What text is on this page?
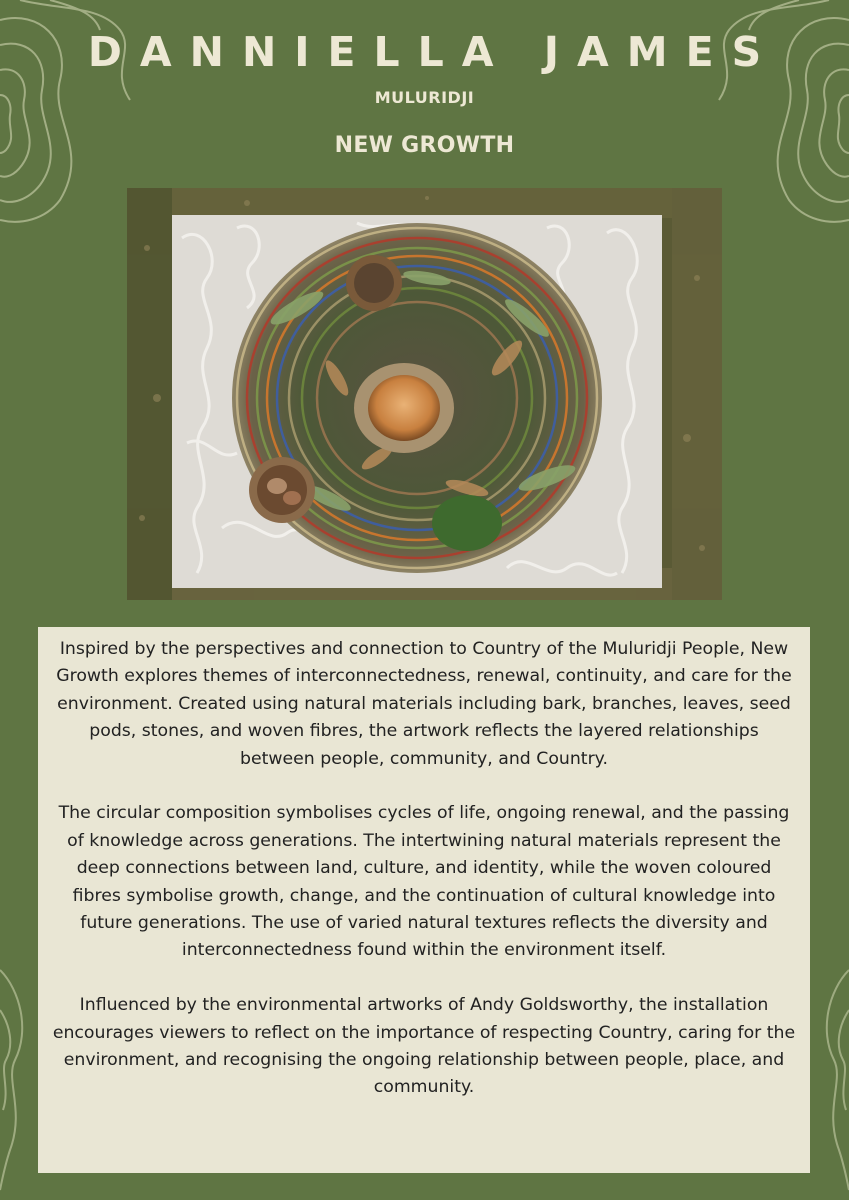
DANNIELLA JAMES
MULURIDJI
NEW GROWTH

Inspired by the perspectives and connection to Country of the Muluridji People, New Growth explores themes of interconnectedness, renewal, continuity, and care for the environment. Created using natural materials including bark, branches, leaves, seed pods, stones, and woven fibres, the artwork reflects the layered relationships between people, community, and Country.

The circular composition symbolises cycles of life, ongoing renewal, and the passing of knowledge across generations. The intertwining natural materials represent the deep connections between land, culture, and identity, while the woven coloured fibres symbolise growth, change, and the continuation of cultural knowledge into future generations. The use of varied natural textures reflects the diversity and interconnectedness found within the environment itself.

Influenced by the environmental artworks of Andy Goldsworthy, the installation encourages viewers to reflect on the importance of respecting Country, caring for the environment, and recognising the ongoing relationship between people, place, and community.
